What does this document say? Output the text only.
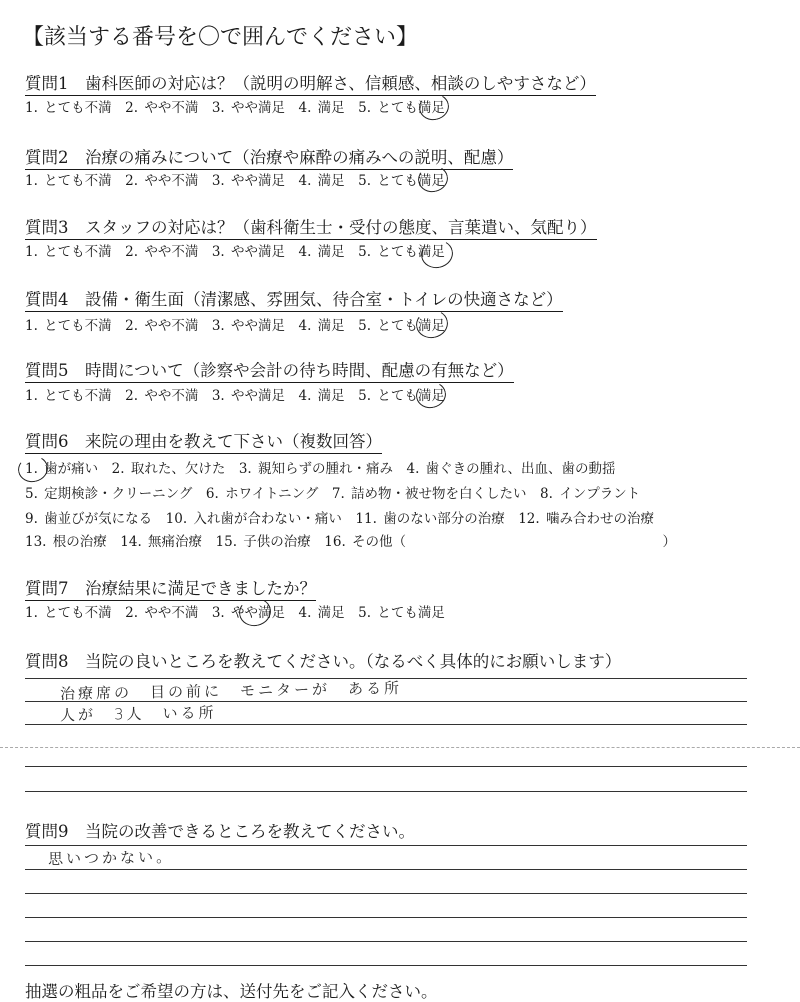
【該当する番号を〇で囲んでください】
質問1　歯科医師の対応は？（説明の明解さ、信頼感、相談のしやすさなど）
1. とても不満　2. やや不満　3. やや満足　4. 満足　5. とても満足
質問2　治療の痛みについて（治療や麻酔の痛みへの説明、配慮）
1. とても不満　2. やや不満　3. やや満足　4. 満足　5. とても満足
質問3　スタッフの対応は？（歯科衛生士・受付の態度、言葉遣い、気配り）
1. とても不満　2. やや不満　3. やや満足　4. 満足　5. とても満足
質問4　設備・衛生面（清潔感、雰囲気、待合室・トイレの快適さなど）
1. とても不満　2. やや不満　3. やや満足　4. 満足　5. とても満足
質問5　時間について（診察や会計の待ち時間、配慮の有無など）
1. とても不満　2. やや不満　3. やや満足　4. 満足　5. とても満足
質問6　来院の理由を教えて下さい（複数回答）
1. 歯が痛い　2. 取れた、欠けた　3. 親知らずの腫れ・痛み　4. 歯ぐきの腫れ、出血、歯の動揺
5. 定期検診・クリーニング　6. ホワイトニング　7. 詰め物・被せ物を白くしたい　8. インプラント
9. 歯並びが気になる　10. 入れ歯が合わない・痛い　11. 歯のない部分の治療　12. 噛み合わせの治療
13. 根の治療　14. 無痛治療　15. 子供の治療　16. その他（　　　　　　　　　　　　　　　　　　　）
質問7　治療結果に満足できましたか？
1. とても不満　2. やや不満　3. やや満足　4. 満足　5. とても満足
質問8　当院の良いところを教えてください。（なるべく具体的にお願いします）
治療席の　目の前に　モニターが　ある所
人が　3人　いる所
質問9　当院の改善できるところを教えてください。
思いつかない。
抽選の粗品をご希望の方は、送付先をご記入ください。
